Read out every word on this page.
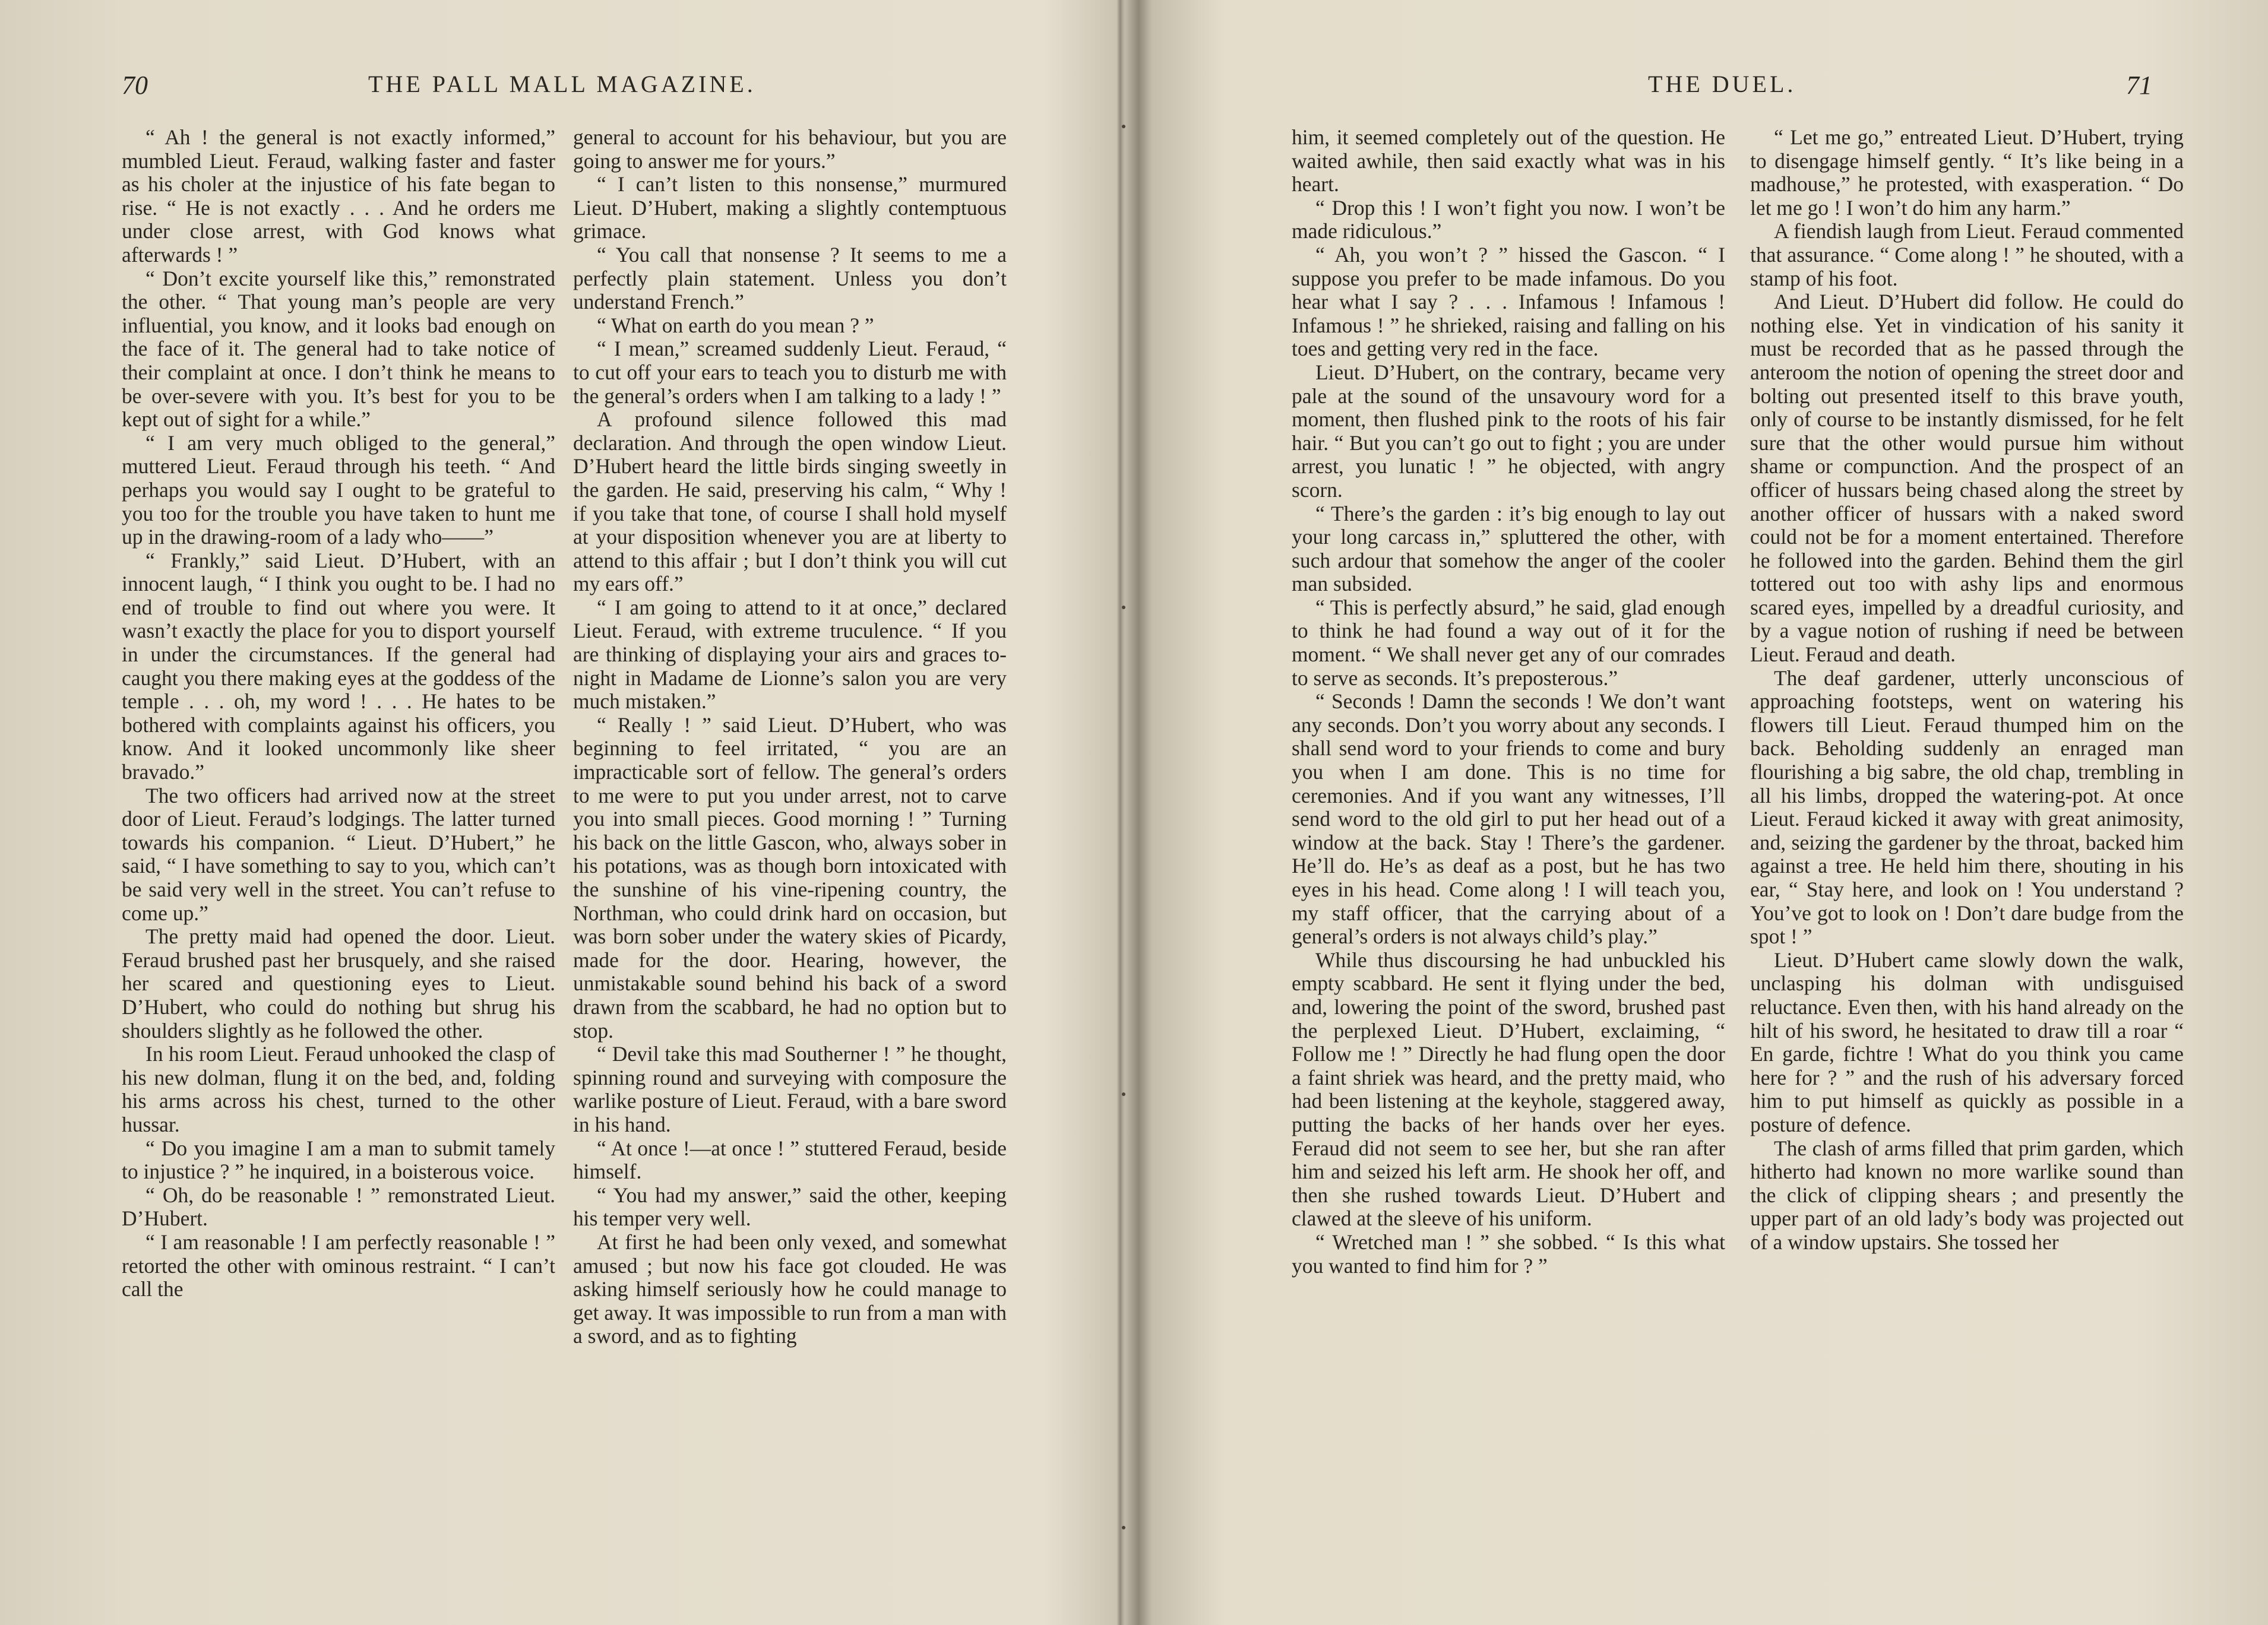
70	THE PALL MALL MAGAZINE.

“ Ah ! the general is not exactly informed,” mumbled Lieut. Feraud, walking faster and faster as his choler at the injustice of his fate began to rise. “ He is not exactly . . . And he orders me under close arrest, with God knows what afterwards ! ”

“ Don’t excite yourself like this,” remonstrated the other. “ That young man’s people are very influential, you know, and it looks bad enough on the face of it. The general had to take notice of their complaint at once. I don’t think he means to be over-severe with you. It’s best for you to be kept out of sight for a while.”

“ I am very much obliged to the general,” muttered Lieut. Feraud through his teeth. “ And perhaps you would say I ought to be grateful to you too for the trouble you have taken to hunt me up in the drawing-room of a lady who——”

“ Frankly,” said Lieut. D’Hubert, with an innocent laugh, “ I think you ought to be. I had no end of trouble to find out where you were. It wasn’t exactly the place for you to disport yourself in under the circumstances. If the general had caught you there making eyes at the goddess of the temple . . . oh, my word ! . . . He hates to be bothered with complaints against his officers, you know. And it looked uncommonly like sheer bravado.”

The two officers had arrived now at the street door of Lieut. Feraud’s lodgings. The latter turned towards his companion. “ Lieut. D’Hubert,” he said, “ I have something to say to you, which can’t be said very well in the street. You can’t refuse to come up.”

The pretty maid had opened the door. Lieut. Feraud brushed past her brusquely, and she raised her scared and questioning eyes to Lieut. D’Hubert, who could do nothing but shrug his shoulders slightly as he followed the other.

In his room Lieut. Feraud unhooked the clasp of his new dolman, flung it on the bed, and, folding his arms across his chest, turned to the other hussar.

“ Do you imagine I am a man to submit tamely to injustice ? ” he inquired, in a boisterous voice.

“ Oh, do be reasonable ! ” remonstrated Lieut. D’Hubert.

“ I am reasonable ! I am perfectly reasonable ! ” retorted the other with ominous restraint. “ I can’t call the

general to account for his behaviour, but you are going to answer me for yours.”

“ I can’t listen to this nonsense,” murmured Lieut. D’Hubert, making a slightly contemptuous grimace.

“ You call that nonsense ? It seems to me a perfectly plain statement. Unless you don’t understand French.”

“ What on earth do you mean ? ”

“ I mean,” screamed suddenly Lieut. Feraud, “ to cut off your ears to teach you to disturb me with the general’s orders when I am talking to a lady ! ”

A profound silence followed this mad declaration. And through the open window Lieut. D’Hubert heard the little birds singing sweetly in the garden. He said, preserving his calm, “ Why ! if you take that tone, of course I shall hold myself at your disposition whenever you are at liberty to attend to this affair ; but I don’t think you will cut my ears off.”

“ I am going to attend to it at once,” declared Lieut. Feraud, with extreme truculence. “ If you are thinking of displaying your airs and graces to-night in Madame de Lionne’s salon you are very much mistaken.”

“ Really ! ” said Lieut. D’Hubert, who was beginning to feel irritated, “ you are an impracticable sort of fellow. The general’s orders to me were to put you under arrest, not to carve you into small pieces. Good morning ! ” Turning his back on the little Gascon, who, always sober in his potations, was as though born intoxicated with the sunshine of his vine-ripening country, the Northman, who could drink hard on occasion, but was born sober under the watery skies of Picardy, made for the door. Hearing, however, the unmistakable sound behind his back of a sword drawn from the scabbard, he had no option but to stop.

“ Devil take this mad Southerner ! ” he thought, spinning round and surveying with composure the warlike posture of Lieut. Feraud, with a bare sword in his hand.

“ At once !—at once ! ” stuttered Feraud, beside himself.

“ You had my answer,” said the other, keeping his temper very well.

At first he had been only vexed, and somewhat amused ; but now his face got clouded. He was asking himself seriously how he could manage to get away. It was impossible to run from a man with a sword, and as to fighting

THE DUEL.	71

him, it seemed completely out of the question. He waited awhile, then said exactly what was in his heart.

“ Drop this ! I won’t fight you now. I won’t be made ridiculous.”

“ Ah, you won’t ? ” hissed the Gascon. “ I suppose you prefer to be made infamous. Do you hear what I say ? . . . Infamous ! Infamous ! Infamous ! ” he shrieked, raising and falling on his toes and getting very red in the face.

Lieut. D’Hubert, on the contrary, became very pale at the sound of the unsavoury word for a moment, then flushed pink to the roots of his fair hair. “ But you can’t go out to fight ; you are under arrest, you lunatic ! ” he objected, with angry scorn.

“ There’s the garden : it’s big enough to lay out your long carcass in,” spluttered the other, with such ardour that somehow the anger of the cooler man subsided.

“ This is perfectly absurd,” he said, glad enough to think he had found a way out of it for the moment. “ We shall never get any of our comrades to serve as seconds. It’s preposterous.”

“ Seconds ! Damn the seconds ! We don’t want any seconds. Don’t you worry about any seconds. I shall send word to your friends to come and bury you when I am done. This is no time for ceremonies. And if you want any witnesses, I’ll send word to the old girl to put her head out of a window at the back. Stay ! There’s the gardener. He’ll do. He’s as deaf as a post, but he has two eyes in his head. Come along ! I will teach you, my staff officer, that the carrying about of a general’s orders is not always child’s play.”

While thus discoursing he had unbuckled his empty scabbard. He sent it flying under the bed, and, lowering the point of the sword, brushed past the perplexed Lieut. D’Hubert, exclaiming, “ Follow me ! ” Directly he had flung open the door a faint shriek was heard, and the pretty maid, who had been listening at the keyhole, staggered away, putting the backs of her hands over her eyes. Feraud did not seem to see her, but she ran after him and seized his left arm. He shook her off, and then she rushed towards Lieut. D’Hubert and clawed at the sleeve of his uniform.

“ Wretched man ! ” she sobbed. “ Is this what you wanted to find him for ? ”

“ Let me go,” entreated Lieut. D’Hubert, trying to disengage himself gently. “ It’s like being in a madhouse,” he protested, with exasperation. “ Do let me go ! I won’t do him any harm.”

A fiendish laugh from Lieut. Feraud commented that assurance. “ Come along ! ” he shouted, with a stamp of his foot.

And Lieut. D’Hubert did follow. He could do nothing else. Yet in vindication of his sanity it must be recorded that as he passed through the anteroom the notion of opening the street door and bolting out presented itself to this brave youth, only of course to be instantly dismissed, for he felt sure that the other would pursue him without shame or compunction. And the prospect of an officer of hussars being chased along the street by another officer of hussars with a naked sword could not be for a moment entertained. Therefore he followed into the garden. Behind them the girl tottered out too with ashy lips and enormous scared eyes, impelled by a dreadful curiosity, and by a vague notion of rushing if need be between Lieut. Feraud and death.

The deaf gardener, utterly unconscious of approaching footsteps, went on watering his flowers till Lieut. Feraud thumped him on the back. Beholding suddenly an enraged man flourishing a big sabre, the old chap, trembling in all his limbs, dropped the watering-pot. At once Lieut. Feraud kicked it away with great animosity, and, seizing the gardener by the throat, backed him against a tree. He held him there, shouting in his ear, “ Stay here, and look on ! You understand ? You’ve got to look on ! Don’t dare budge from the spot ! ”

Lieut. D’Hubert came slowly down the walk, unclasping his dolman with undisguised reluctance. Even then, with his hand already on the hilt of his sword, he hesitated to draw till a roar “ En garde, fichtre ! What do you think you came here for ? ” and the rush of his adversary forced him to put himself as quickly as possible in a posture of defence.

The clash of arms filled that prim garden, which hitherto had known no more warlike sound than the click of clipping shears ; and presently the upper part of an old lady’s body was projected out of a window upstairs. She tossed her
